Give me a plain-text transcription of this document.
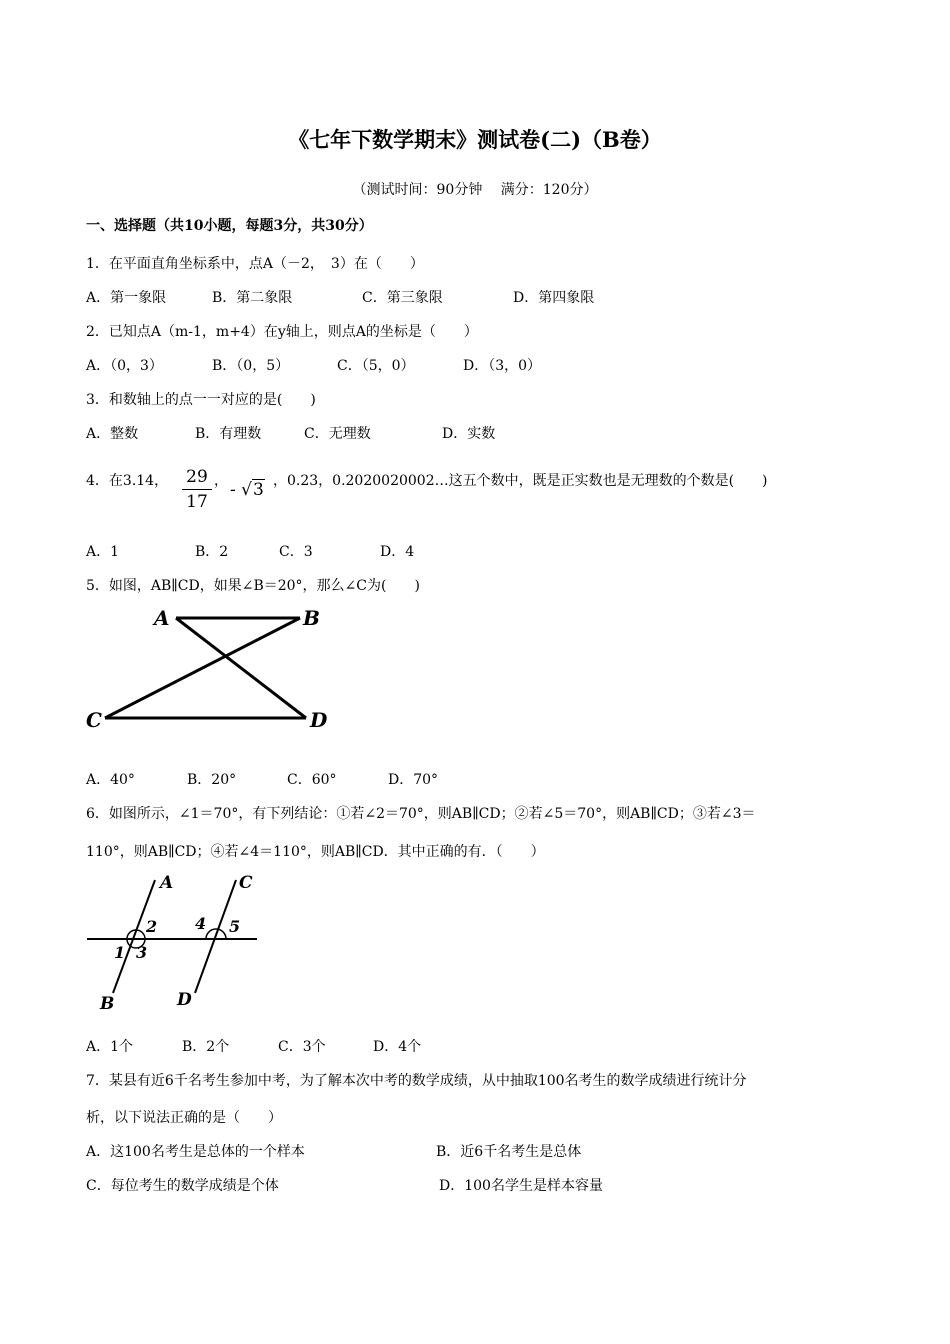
《七年下数学期末》测试卷(二)（B卷）
（测试时间：90分钟　 满分：120分）
一、选择题（共10小题，每题3分，共30分）
1．在平面直角坐标系中，点A（－2，　3）在（　　）
A．第一象限	B．第二象限	C．第三象限	D．第四象限
2．已知点A（m-1，m+4）在y轴上，则点A的坐标是（　　）
A．（0，3）	B．（0，5）	C．（5，0）	D．（3，0）
3．和数轴上的点一一对应的是(　　)
A．整数	B．有理数	C．无理数	D．实数
4．在3.14， 29
17
， - √3 ，0.23，0.2020020002…这五个数中，既是正实数也是无理数的个数是(　　)
A．1	B．2	C．3	D．4
5．如图，AB∥CD，如果∠B＝20°，那么∠C为(　　)
A	B
C	D
A．40°	B．20°	C．60°	D．70°
6．如图所示，∠1＝70°，有下列结论：①若∠2＝70°，则AB∥CD；②若∠5＝70°，则AB∥CD；③若∠3＝
110°，则AB∥CD；④若∠4＝110°，则AB∥CD．其中正确的有．（　　）
A
B
C
D
1
2
3
4 5
A．1个	B．2个	C．3个	D．4个
7．某县有近6千名考生参加中考，为了解本次中考的数学成绩，从中抽取100名考生的数学成绩进行统计分
析，以下说法正确的是（　　）
A．这100名考生是总体的一个样本	B．近6千名考生是总体
C．每位考生的数学成绩是个体	D．100名学生是样本容量
